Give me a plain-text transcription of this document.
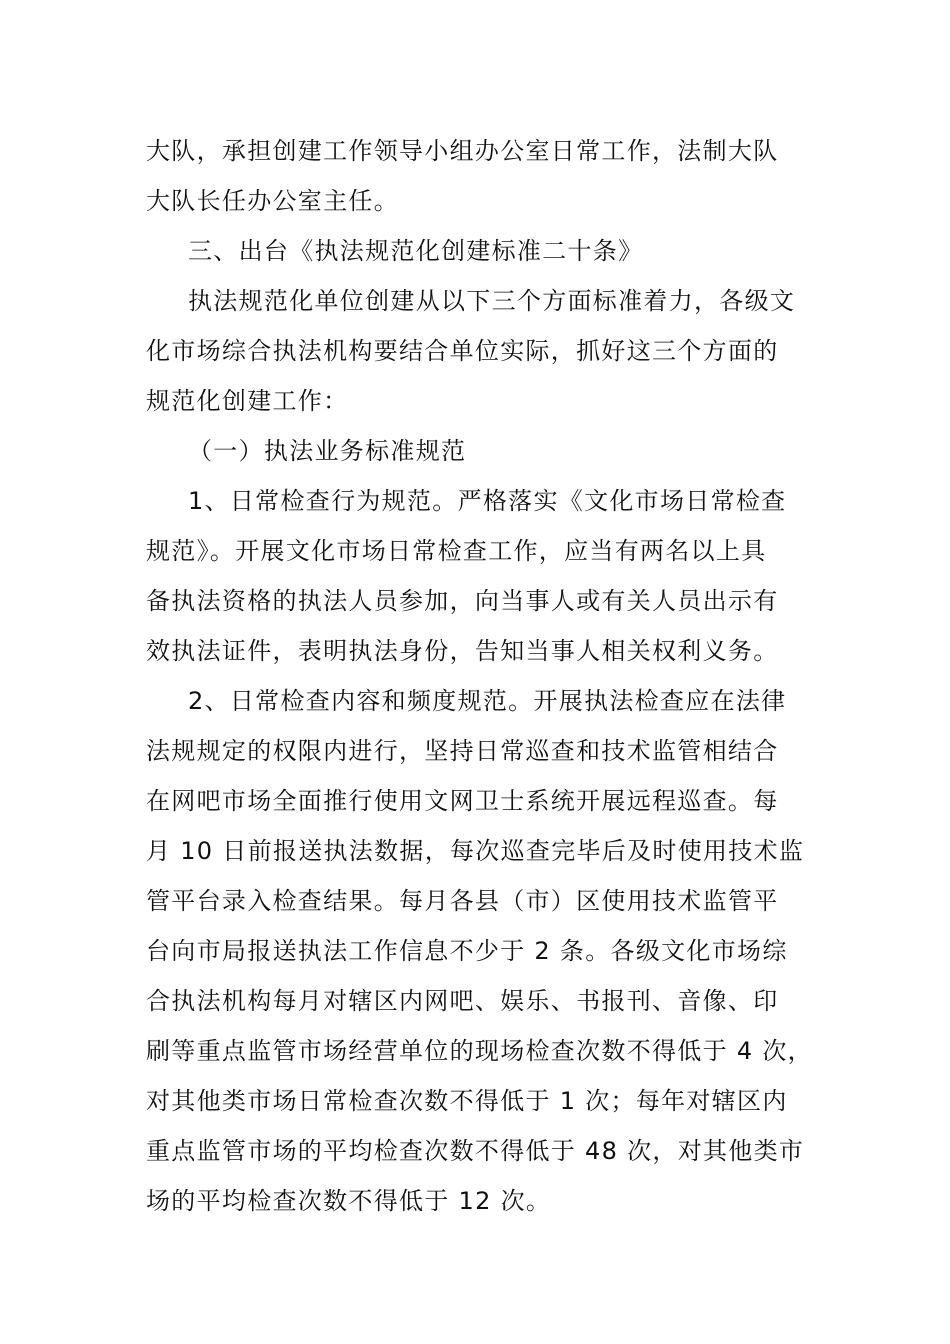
大队，承担创建工作领导小组办公室日常工作，法制大队
大队长任办公室主任。
三、出台《执法规范化创建标准二十条》
执法规范化单位创建从以下三个方面标准着力，各级文
化市场综合执法机构要结合单位实际，抓好这三个方面的
规范化创建工作：
（一）执法业务标准规范
1、日常检查行为规范。严格落实《文化市场日常检查
规范》。开展文化市场日常检查工作，应当有两名以上具
备执法资格的执法人员参加，向当事人或有关人员出示有
效执法证件，表明执法身份，告知当事人相关权利义务。
2、日常检查内容和频度规范。开展执法检查应在法律
法规规定的权限内进行，坚持日常巡查和技术监管相结合
在网吧市场全面推行使用文网卫士系统开展远程巡查。每
月 10 日前报送执法数据，每次巡查完毕后及时使用技术监
管平台录入检查结果。每月各县（市）区使用技术监管平
台向市局报送执法工作信息不少于 2 条。各级文化市场综
合执法机构每月对辖区内网吧、娱乐、书报刊、音像、印
刷等重点监管市场经营单位的现场检查次数不得低于 4 次，
对其他类市场日常检查次数不得低于 1 次；每年对辖区内
重点监管市场的平均检查次数不得低于 48 次，对其他类市
场的平均检查次数不得低于 12 次。
